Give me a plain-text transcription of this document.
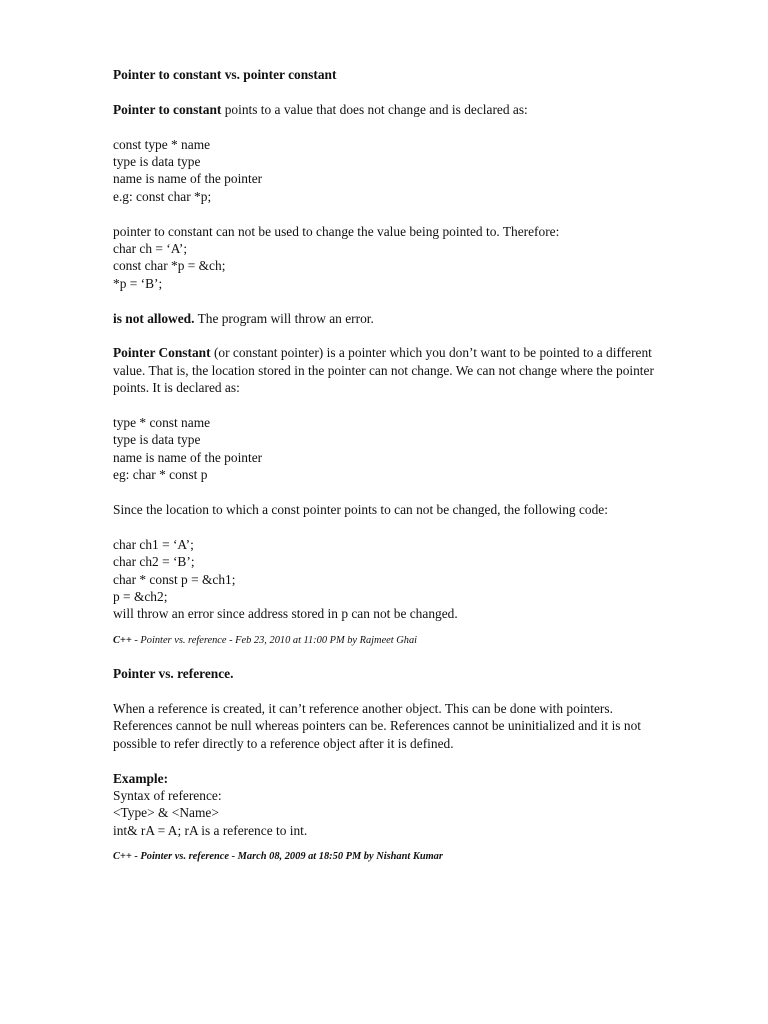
Pointer to constant vs. pointer constant
Pointer to constant points to a value that does not change and is declared as:
const type * name
type is data type
name is name of the pointer
e.g: const char *p;
pointer to constant can not be used to change the value being pointed to. Therefore:
char ch = ‘A’;
const char *p = &ch;
*p = ‘B’;
is not allowed. The program will throw an error.
Pointer Constant (or constant pointer) is a pointer which you don’t want to be pointed to a different value. That is, the location stored in the pointer can not change. We can not change where the pointer points. It is declared as:
type * const name
type is data type
name is name of the pointer
eg: char * const p
Since the location to which a const pointer points to can not be changed, the following code:
char ch1 = ‘A’;
char ch2 = ‘B’;
char * const p = &ch1;
p = &ch2;
will throw an error since address stored in p can not be changed.
C++ - Pointer vs. reference - Feb 23, 2010 at 11:00 PM by Rajmeet Ghai
Pointer vs. reference.
When a reference is created, it can’t reference another object. This can be done with pointers. References cannot be null whereas pointers can be. References cannot be uninitialized and it is not possible to refer directly to a reference object after it is defined.
Example:
Syntax of reference:
<Type> & <Name>
int& rA = A; rA is a reference to int.
C++ - Pointer vs. reference - March 08, 2009 at 18:50 PM by Nishant Kumar
